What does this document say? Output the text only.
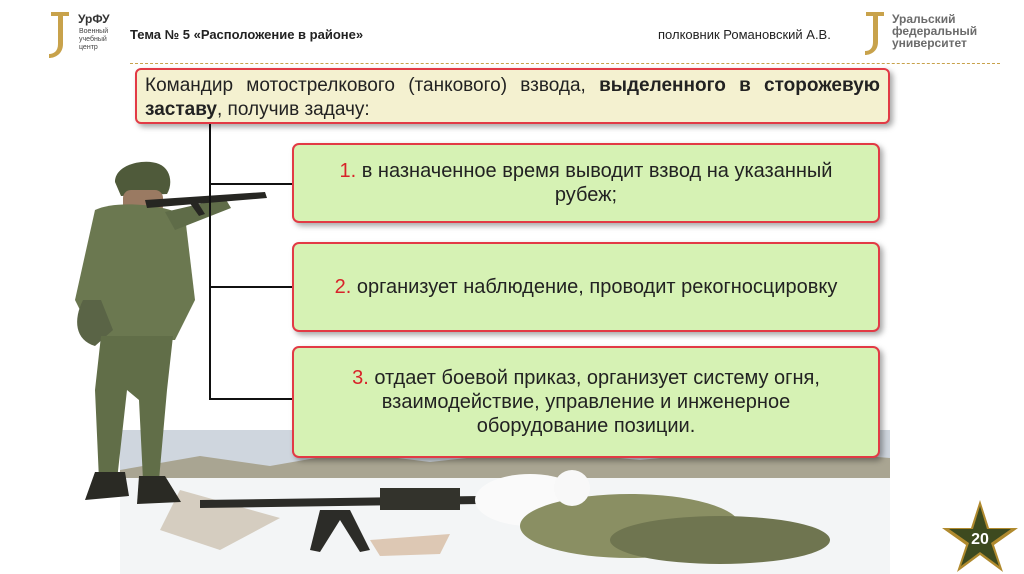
УрФУ
Военный
учебный
центр
Тема № 5 «Расположение в районе»	полковник Романовский А.В.
Уральский
федеральный
университет
Командир мотострелкового (танкового) взвода, выделенного в сторожевую заставу, получив задачу:
1. в назначенное время выводит взвод на указанный рубеж;
2. организует наблюдение, проводит рекогносцировку
3. отдает боевой приказ, организует систему огня, взаимодействие, управление и инженерное оборудование позиции.
20
